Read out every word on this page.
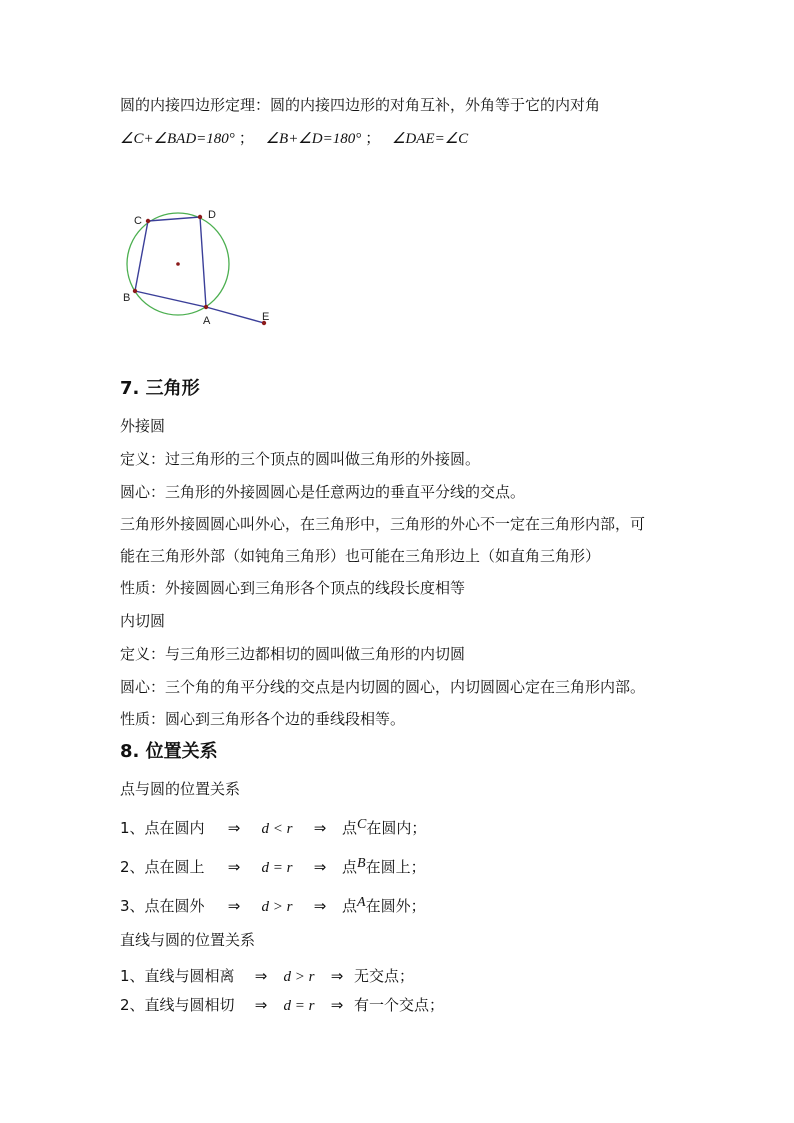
圆的内接四边形定理：圆的内接四边形的对角互补，外角等于它的内对角
∠C+∠BAD=180° ； ∠B+∠D=180° ； ∠DAE=∠C
C	D
B
A	E
7. 三角形
外接圆
定义：过三角形的三个顶点的圆叫做三角形的外接圆。
圆心：三角形的外接圆圆心是任意两边的垂直平分线的交点。
三角形外接圆圆心叫外心，在三角形中，三角形的外心不一定在三角形内部，可
能在三角形外部（如钝角三角形）也可能在三角形边上（如直角三角形）
性质：外接圆圆心到三角形各个顶点的线段长度相等
内切圆
定义：与三角形三边都相切的圆叫做三角形的内切圆
圆心：三个角的角平分线的交点是内切圆的圆心，内切圆圆心定在三角形内部。
性质：圆心到三角形各个边的垂线段相等。
8. 位置关系
点与圆的位置关系
1、点在圆内 ⇒ d < r ⇒ 点C在圆内；
2、点在圆上 ⇒ d = r ⇒ 点B在圆上；
3、点在圆外 ⇒ d > r ⇒ 点A在圆外；
直线与圆的位置关系
1、直线与圆相离 ⇒ d > r ⇒ 无交点；
2、直线与圆相切 ⇒ d = r ⇒ 有一个交点；
